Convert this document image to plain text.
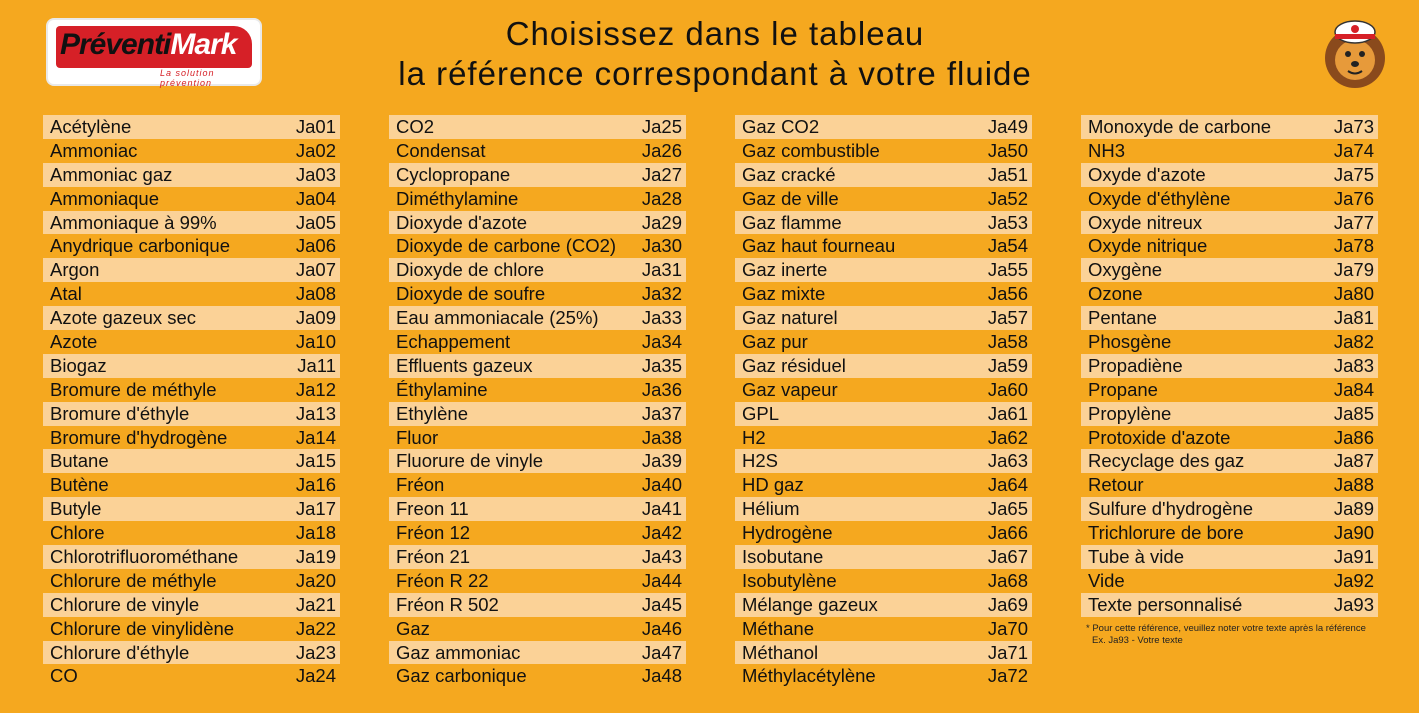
PréventiMark
La solution prévention
Choisissez dans le tableau
la référence correspondant à votre fluide
Acétylène	Ja01
Ammoniac	Ja02
Ammoniac gaz	Ja03
Ammoniaque	Ja04
Ammoniaque à 99%	Ja05
Anydrique carbonique	Ja06
Argon	Ja07
Atal	Ja08
Azote gazeux sec	Ja09
Azote	Ja10
Biogaz	Ja11
Bromure de méthyle	Ja12
Bromure d'éthyle	Ja13
Bromure d'hydrogène	Ja14
Butane	Ja15
Butène	Ja16
Butyle	Ja17
Chlore	Ja18
Chlorotrifluorométhane	Ja19
Chlorure de méthyle	Ja20
Chlorure de vinyle	Ja21
Chlorure de vinylidène	Ja22
Chlorure d'éthyle	Ja23
CO	Ja24
CO2	Ja25
Condensat	Ja26
Cyclopropane	Ja27
Diméthylamine	Ja28
Dioxyde d'azote	Ja29
Dioxyde de carbone (CO2) Ja30
Dioxyde de chlore	Ja31
Dioxyde de soufre	Ja32
Eau ammoniacale (25%) Ja33
Echappement	Ja34
Effluents gazeux	Ja35
Éthylamine	Ja36
Ethylène	Ja37
Fluor	Ja38
Fluorure de vinyle	Ja39
Fréon	Ja40
Freon 11	Ja41
Fréon 12	Ja42
Fréon 21	Ja43
Fréon R 22	Ja44
Fréon R 502	Ja45
Gaz	Ja46
Gaz ammoniac	Ja47
Gaz carbonique	Ja48
Gaz CO2	Ja49
Gaz combustible	Ja50
Gaz cracké	Ja51
Gaz de ville	Ja52
Gaz flamme	Ja53
Gaz haut fourneau	Ja54
Gaz inerte	Ja55
Gaz mixte	Ja56
Gaz naturel	Ja57
Gaz pur	Ja58
Gaz résiduel	Ja59
Gaz vapeur	Ja60
GPL	Ja61
H2	Ja62
H2S	Ja63
HD gaz	Ja64
Hélium	Ja65
Hydrogène	Ja66
Isobutane	Ja67
Isobutylène	Ja68
Mélange gazeux	Ja69
Méthane	Ja70
Méthanol	Ja71
Méthylacétylène	Ja72
Monoxyde de carbone	Ja73
NH3	Ja74
Oxyde d'azote	Ja75
Oxyde d'éthylène	Ja76
Oxyde nitreux	Ja77
Oxyde nitrique	Ja78
Oxygène	Ja79
Ozone	Ja80
Pentane	Ja81
Phosgène	Ja82
Propadiène	Ja83
Propane	Ja84
Propylène	Ja85
Protoxide d'azote	Ja86
Recyclage des gaz	Ja87
Retour	Ja88
Sulfure d'hydrogène	Ja89
Trichlorure de bore	Ja90
Tube à vide	Ja91
Vide	Ja92
Texte personnalisé	Ja93
* Pour cette référence, veuillez noter votre texte après la référence
Ex. Ja93 - Votre texte
